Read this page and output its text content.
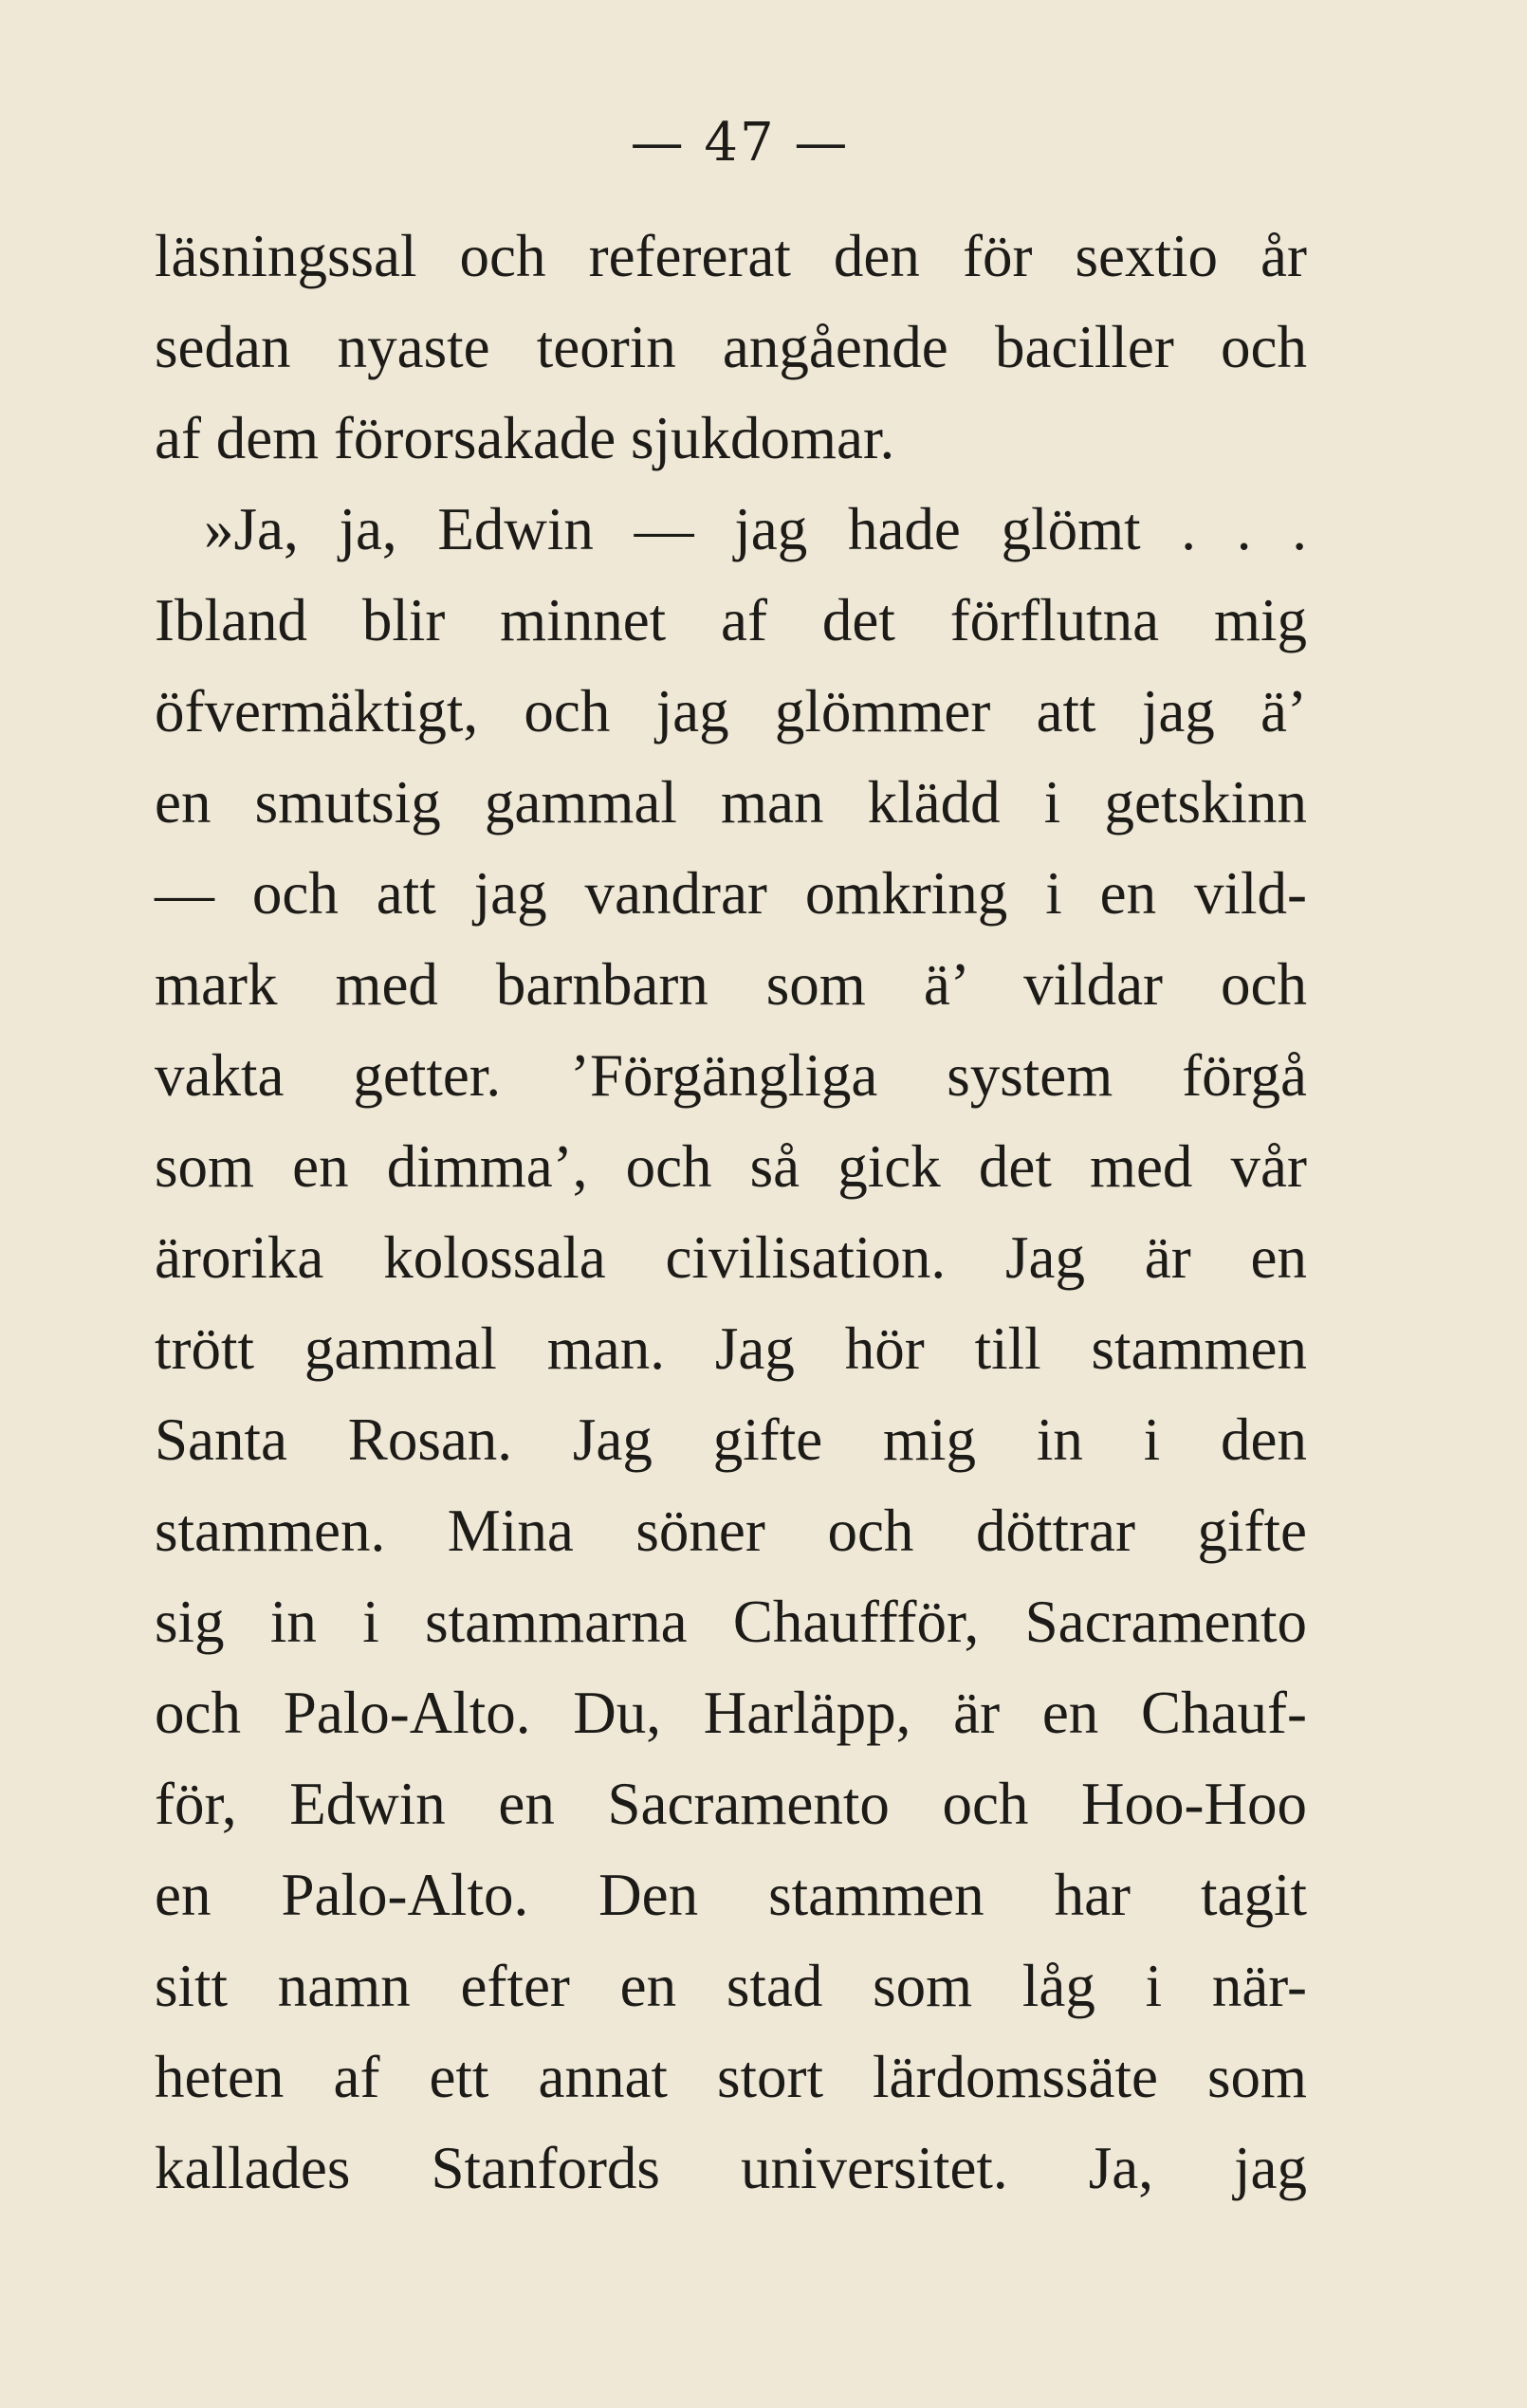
— 47 —
läsningssal och refererat den för sextio år
sedan nyaste teorin angående baciller och
af dem förorsakade sjukdomar.
»Ja, ja, Edwin — jag hade glömt . . .
Ibland blir minnet af det förflutna mig
öfvermäktigt, och jag glömmer att jag ä’
en smutsig gammal man klädd i getskinn
— och att jag vandrar omkring i en vild-
mark med barnbarn som ä’ vildar och
vakta getter. ’Förgängliga system förgå
som en dimma’, och så gick det med vår
ärorika kolossala civilisation. Jag är en
trött gammal man. Jag hör till stammen
Santa Rosan. Jag gifte mig in i den
stammen. Mina söner och döttrar gifte
sig in i stammarna Chauffför, Sacramento
och Palo-Alto. Du, Harläpp, är en Chauf-
för, Edwin en Sacramento och Hoo-Hoo
en Palo-Alto. Den stammen har tagit
sitt namn efter en stad som låg i när-
heten af ett annat stort lärdomssäte som
kallades Stanfords universitet. Ja, jag
